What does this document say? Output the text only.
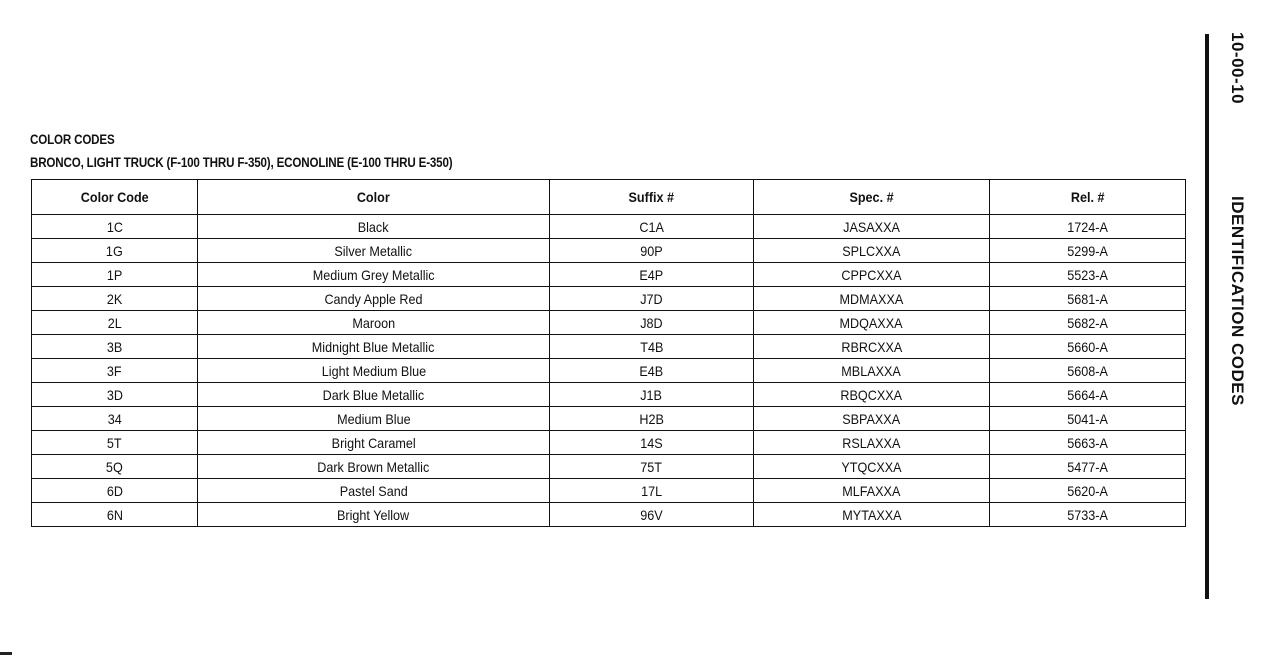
COLOR CODES
BRONCO, LIGHT TRUCK (F-100 THRU F-350), ECONOLINE (E-100 THRU E-350)
Color Code	Color	Suffix #	Spec. #	Rel. #
1C	Black	C1A	JASAXXA	1724-A
1G	Silver Metallic	90P	SPLCXXA	5299-A
1P	Medium Grey Metallic	E4P	CPPCXXA	5523-A
2K	Candy Apple Red	J7D	MDMAXXA	5681-A
2L	Maroon	J8D	MDQAXXA	5682-A
3B	Midnight Blue Metallic	T4B	RBRCXXA	5660-A
3F	Light Medium Blue	E4B	MBLAXXA	5608-A
3D	Dark Blue Metallic	J1B	RBQCXXA	5664-A
34	Medium Blue	H2B	SBPAXXA	5041-A
5T	Bright Caramel	14S	RSLAXXA	5663-A
5Q	Dark Brown Metallic	75T	YTQCXXA	5477-A
6D	Pastel Sand	17L	MLFAXXA	5620-A
6N	Bright Yellow	96V	MYTAXXA	5733-A
10-00-10
IDENTIFICATION CODES
